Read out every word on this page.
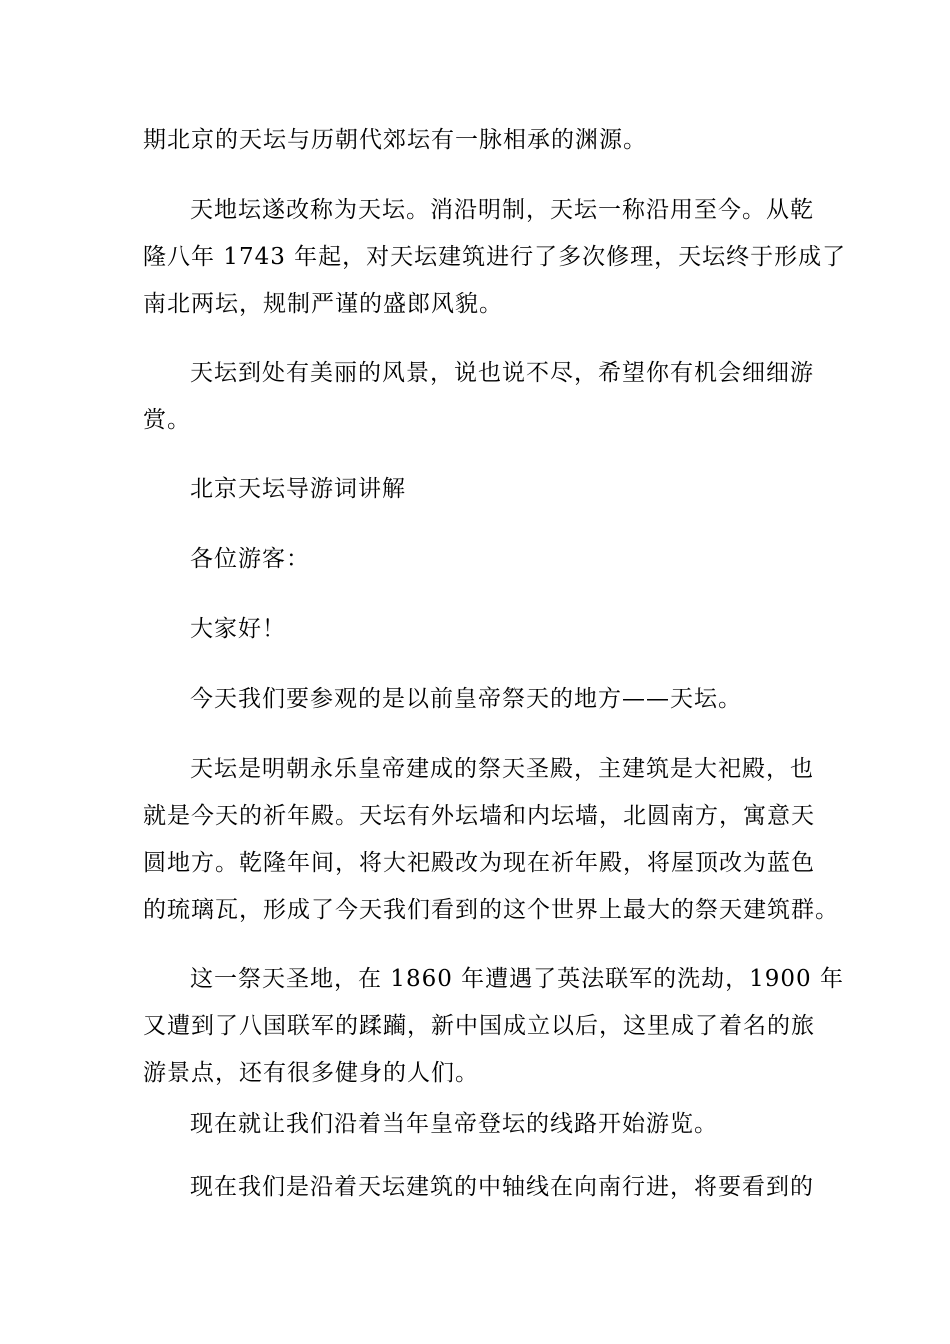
期北京的天坛与历朝代郊坛有一脉相承的渊源。

天地坛遂改称为天坛。消沿明制，天坛一称沿用至今。从乾
隆八年 1743 年起，对天坛建筑进行了多次修理，天坛终于形成了
南北两坛，规制严谨的盛郎风貌。

天坛到处有美丽的风景，说也说不尽，希望你有机会细细游
赏。

北京天坛导游词讲解

各位游客：

大家好！

今天我们要参观的是以前皇帝祭天的地方——天坛。

天坛是明朝永乐皇帝建成的祭天圣殿，主建筑是大祀殿，也
就是今天的祈年殿。天坛有外坛墙和内坛墙，北圆南方，寓意天
圆地方。乾隆年间，将大祀殿改为现在祈年殿，将屋顶改为蓝色
的琉璃瓦，形成了今天我们看到的这个世界上最大的祭天建筑群。

这一祭天圣地，在 1860 年遭遇了英法联军的洗劫，1900 年
又遭到了八国联军的蹂躏，新中国成立以后，这里成了着名的旅
游景点，还有很多健身的人们。

现在就让我们沿着当年皇帝登坛的线路开始游览。

现在我们是沿着天坛建筑的中轴线在向南行进，将要看到的
